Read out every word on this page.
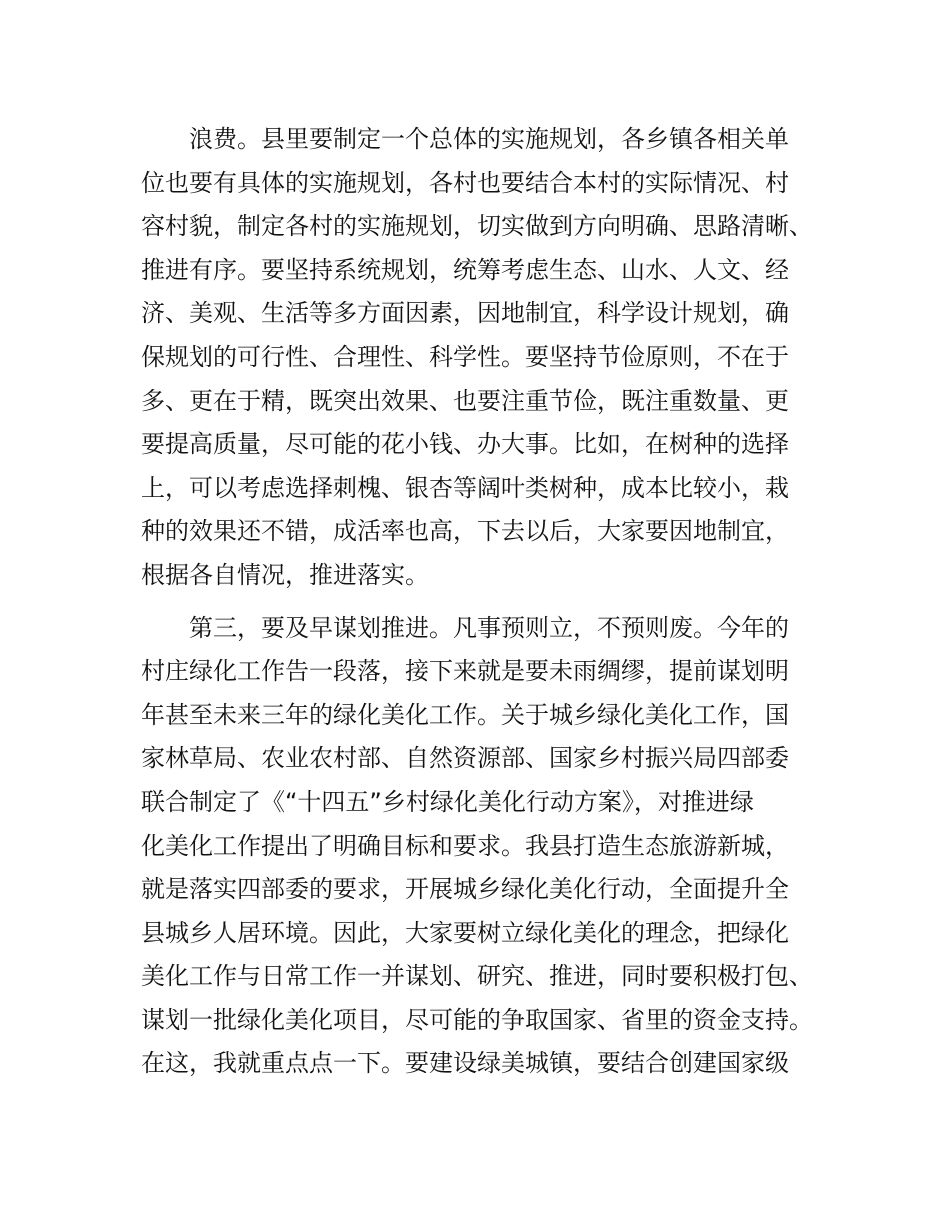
　　浪费。县里要制定一个总体的实施规划，各乡镇各相关单
位也要有具体的实施规划，各村也要结合本村的实际情况、村
容村貌，制定各村的实施规划，切实做到方向明确、思路清晰、
推进有序。要坚持系统规划，统筹考虑生态、山水、人文、经
济、美观、生活等多方面因素，因地制宜，科学设计规划，确
保规划的可行性、合理性、科学性。要坚持节俭原则，不在于
多、更在于精，既突出效果、也要注重节俭，既注重数量、更
要提高质量，尽可能的花小钱、办大事。比如，在树种的选择
上，可以考虑选择刺槐、银杏等阔叶类树种，成本比较小，栽
种的效果还不错，成活率也高，下去以后，大家要因地制宜，
根据各自情况，推进落实。
　　第三，要及早谋划推进。凡事预则立，不预则废。今年的
村庄绿化工作告一段落，接下来就是要未雨绸缪，提前谋划明
年甚至未来三年的绿化美化工作。关于城乡绿化美化工作，国
家林草局、农业农村部、自然资源部、国家乡村振兴局四部委
联合制定了《“十四五”乡村绿化美化行动方案》，对推进绿
化美化工作提出了明确目标和要求。我县打造生态旅游新城，
就是落实四部委的要求，开展城乡绿化美化行动，全面提升全
县城乡人居环境。因此，大家要树立绿化美化的理念，把绿化
美化工作与日常工作一并谋划、研究、推进，同时要积极打包、
谋划一批绿化美化项目，尽可能的争取国家、省里的资金支持。
在这，我就重点点一下。要建设绿美城镇，要结合创建国家级
